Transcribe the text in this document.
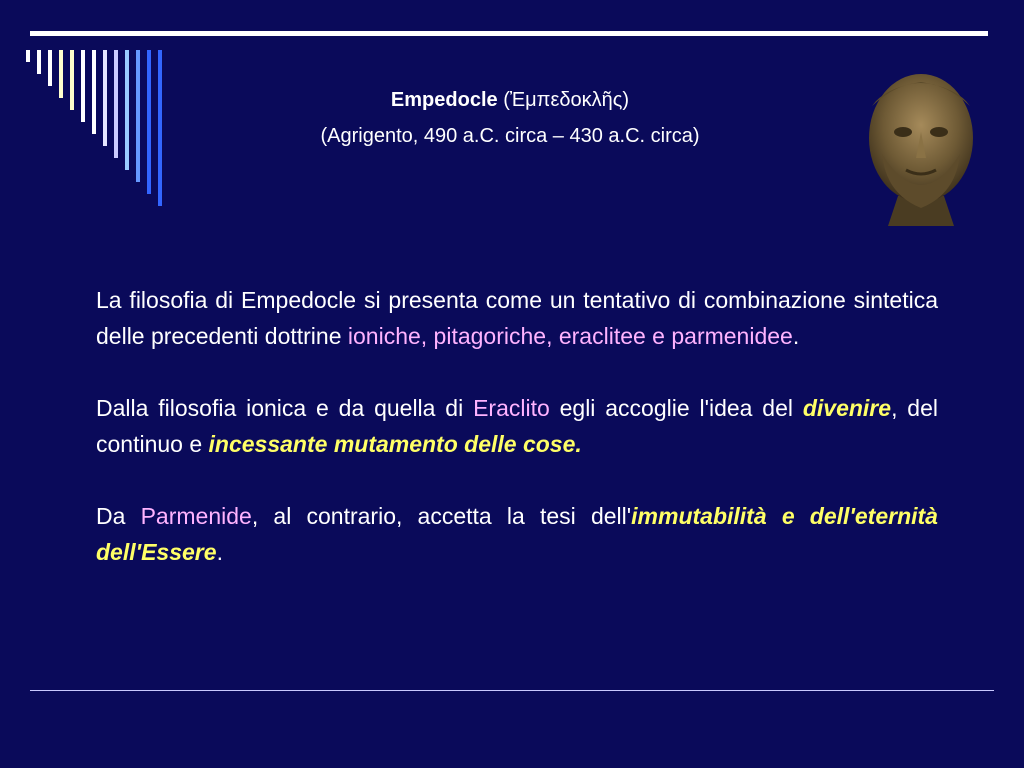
Empedocle (Ἐμπεδοκλῆς)
(Agrigento, 490 a.C. circa – 430 a.C. circa)

La filosofia di Empedocle si presenta come un tentativo di combinazione sintetica delle precedenti dottrine ioniche, pitagoriche, eraclitee e parmenidee.

Dalla filosofia ionica e da quella di Eraclito egli accoglie l'idea del divenire, del continuo e incessante mutamento delle cose.

Da Parmenide, al contrario, accetta la tesi dell'immutabilità e dell'eternità dell'Essere.
